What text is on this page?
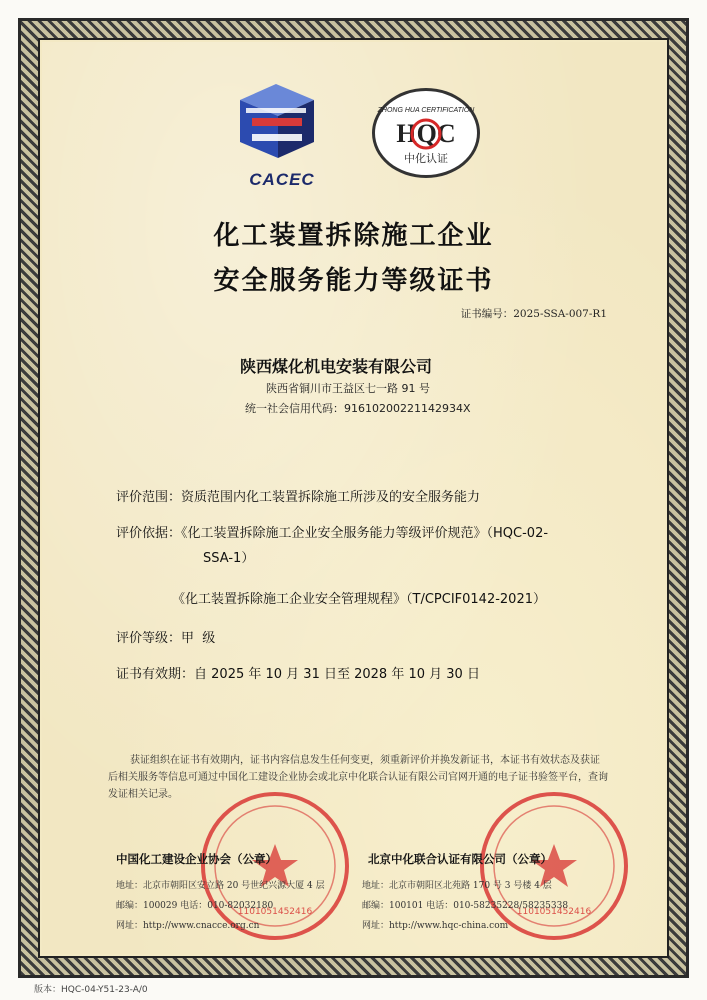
CACEC
HQC
中化认证
ZHONG HUA CERTIFICATION
化工装置拆除施工企业
安全服务能力等级证书
证书编号：2025-SSA-007-R1
陕西煤化机电安装有限公司
陕西省铜川市王益区七一路 91 号
统一社会信用代码：91610200221142934X
评价范围：资质范围内化工装置拆除施工所涉及的安全服务能力
评价依据：《化工装置拆除施工企业安全服务能力等级评价规范》（HQC-02-
SSA-1）
《化工装置拆除施工企业安全管理规程》（T/CPCIF0142-2021）
评价等级：甲  级
证书有效期：自 2025 年 10 月 31 日至 2028 年 10 月 30 日
获证组织在证书有效期内，证书内容信息发生任何变更，须重新评价并换发新证书，本证书有效状态及获证后相关服务等信息可通过中国化工建设企业协会或北京中化联合认证有限公司官网开通的电子证书验签平台，查询发证相关记录。
1101051452416	1101051452416
中国化工建设企业协会（公章）	北京中化联合认证有限公司（公章）
地址：北京市朝阳区安立路 20 号世纪兴源大厦 4 层
邮编：100029 电话：010-82032180
网址：http://www.cnacce.org.cn
地址：北京市朝阳区北苑路 170 号 3 号楼 4 层
邮编：100101 电话：010-58235228/58235338
网址：http://www.hqc-china.com
版本：HQC-04-Y51-23-A/0
